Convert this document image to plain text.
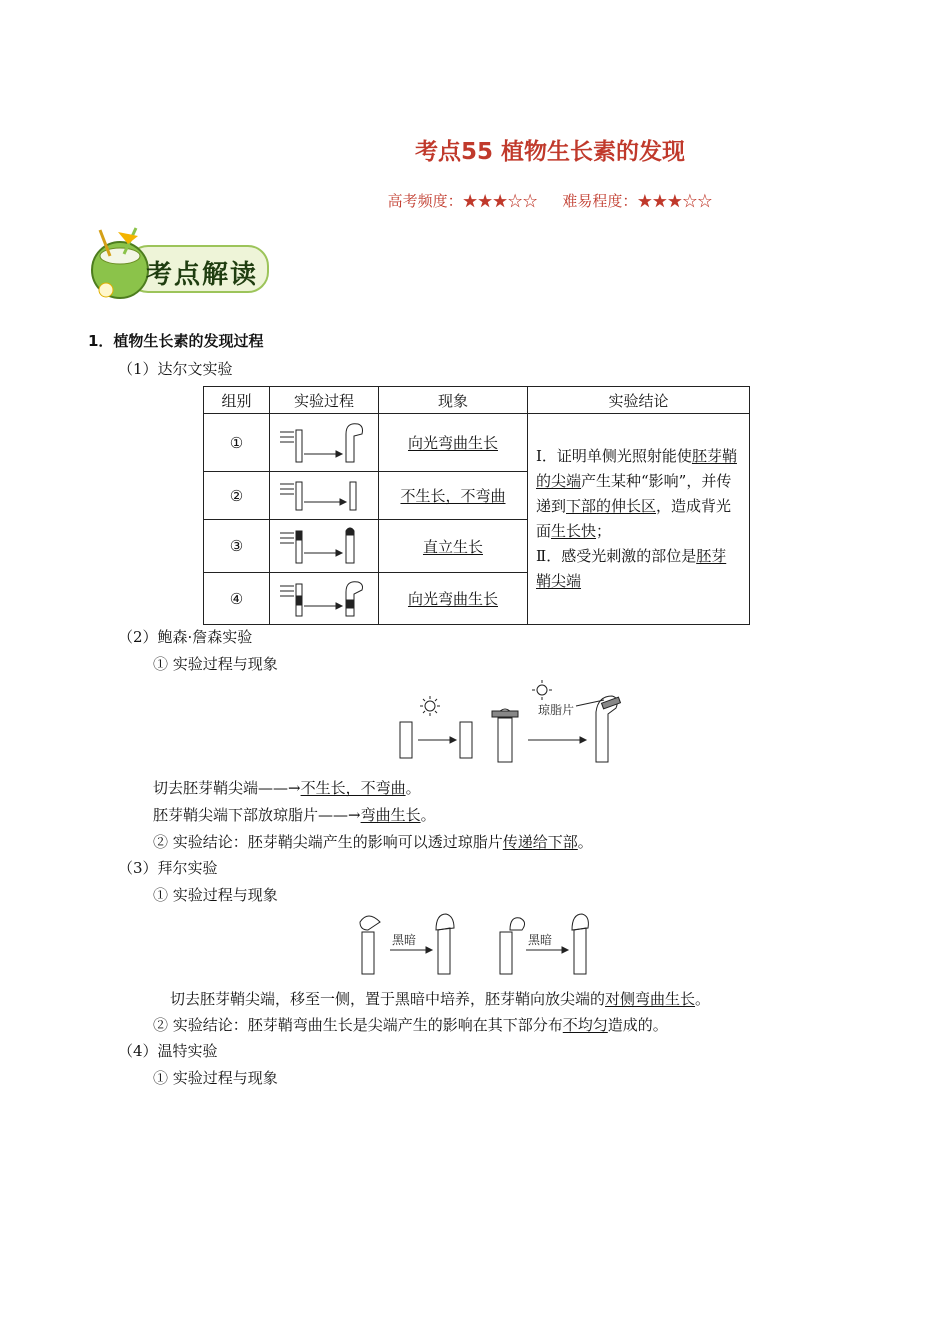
考点55 植物生长素的发现
高考频度：★★★☆☆ 难易程度：★★★☆☆
考点解读
1．植物生长素的发现过程
（1）达尔文实验
组别	实验过程	现象	实验结论
①		向光弯曲生长	Ⅰ．证明单侧光照射能使胚芽鞘的尖端产生某种“影响”，并传递到下部的伸长区，造成背光面生长快；
Ⅱ．感受光刺激的部位是胚芽鞘尖端
②		不生长，不弯曲	
③		直立生长	
④		向光弯曲生长	
（2）鲍森·詹森实验
① 实验过程与现象
琼脂片
切去胚芽鞘尖端——→不生长，不弯曲。
胚芽鞘尖端下部放琼脂片——→弯曲生长。
② 实验结论：胚芽鞘尖端产生的影响可以透过琼脂片传递给下部。
（3）拜尔实验
① 实验过程与现象
黑暗	黑暗
切去胚芽鞘尖端，移至一侧，置于黑暗中培养，胚芽鞘向放尖端的对侧弯曲生长。
② 实验结论：胚芽鞘弯曲生长是尖端产生的影响在其下部分布不均匀造成的。
（4）温特实验
① 实验过程与现象
